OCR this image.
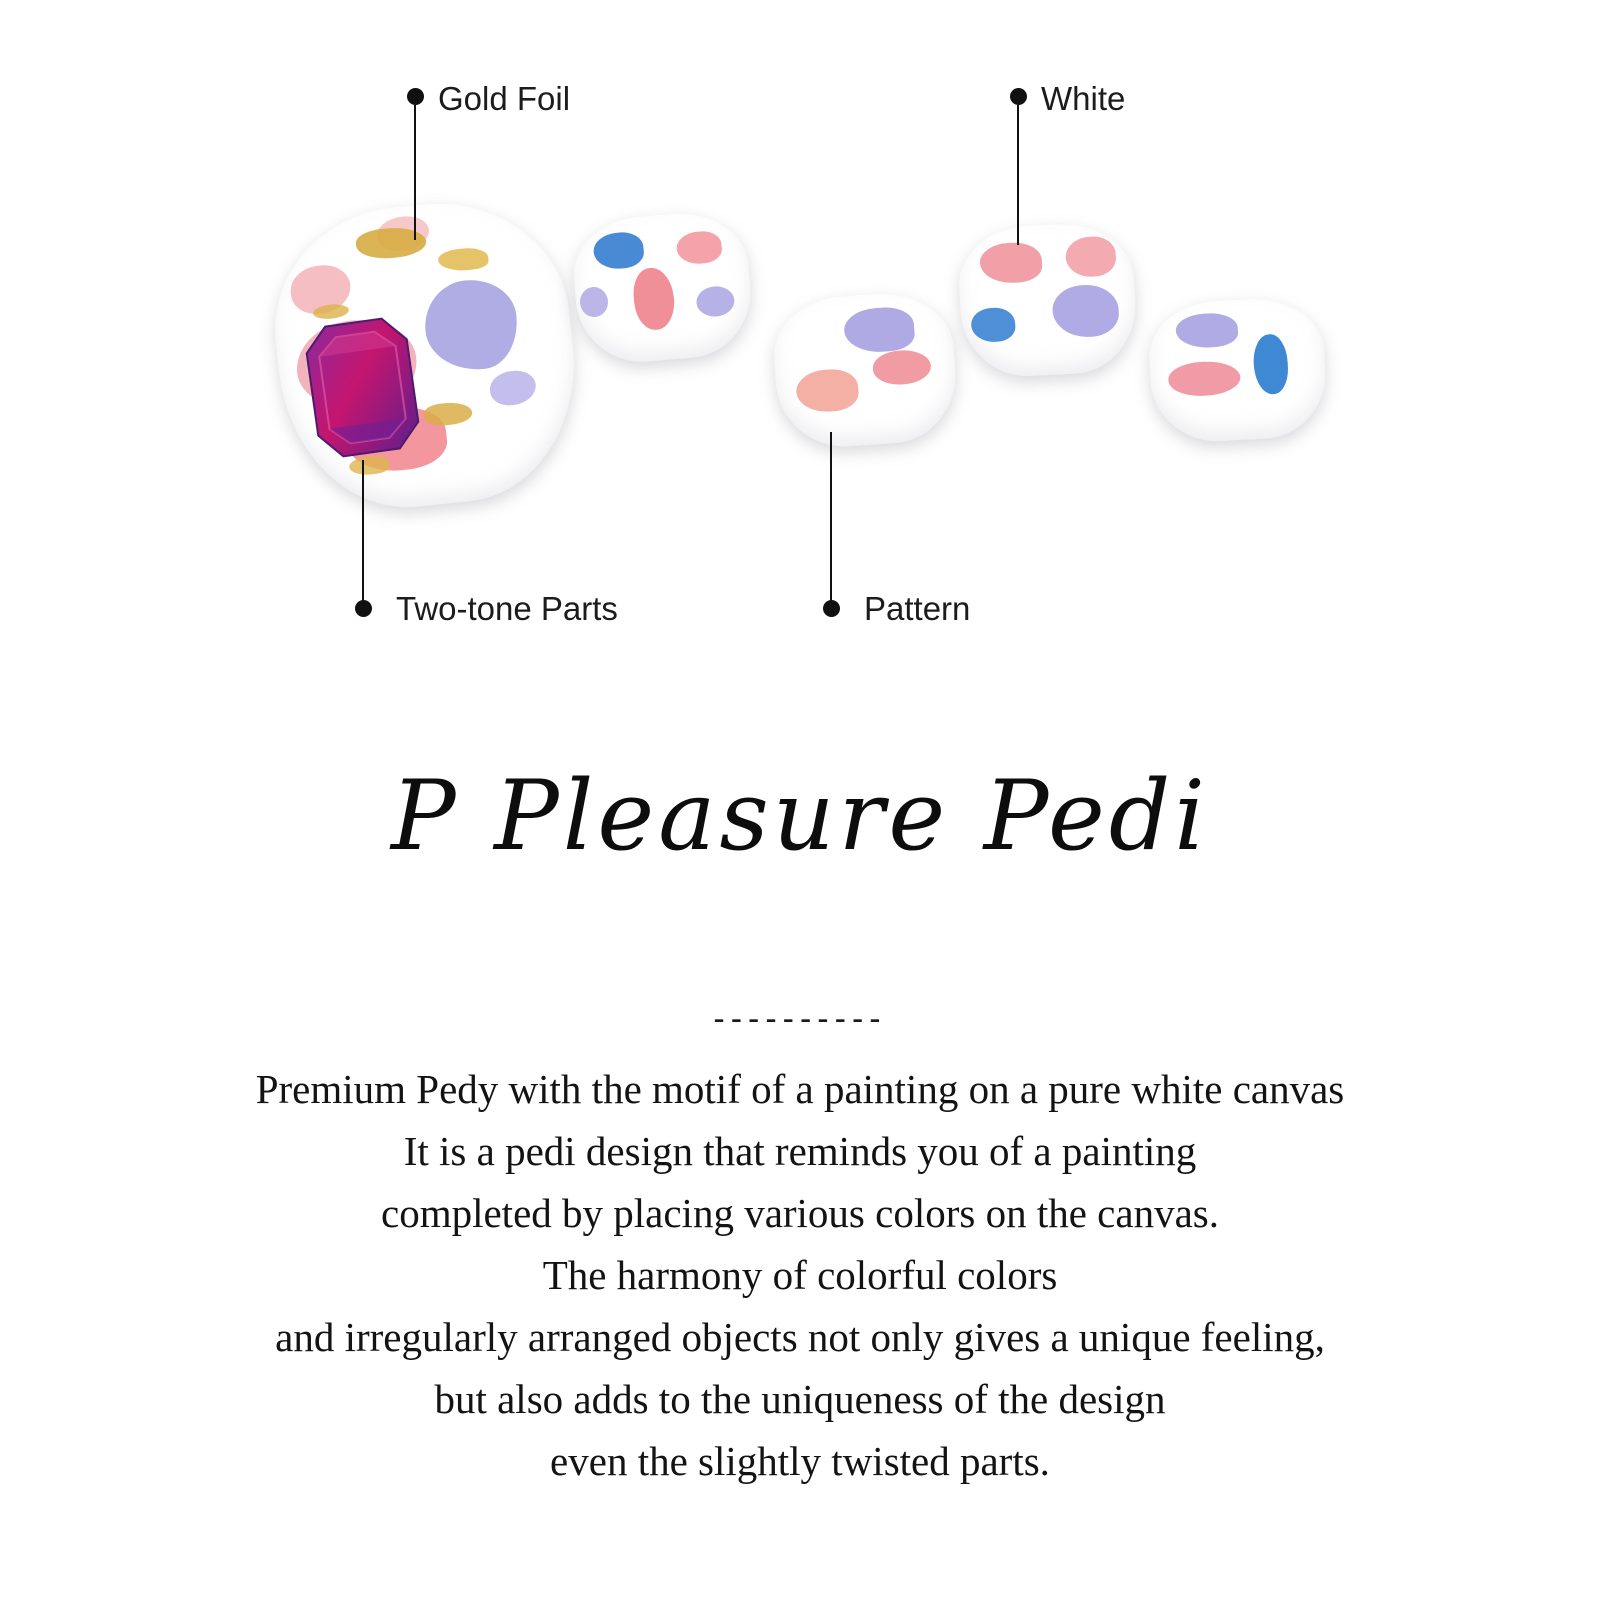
Gold Foil	White
Two-tone Parts	Pattern
P Pleasure Pedi
----------
Premium Pedy with the motif of a painting on a pure white canvas
It is a pedi design that reminds you of a painting
completed by placing various colors on the canvas.
The harmony of colorful colors
and irregularly arranged objects not only gives a unique feeling,
but also adds to the uniqueness of the design
even the slightly twisted parts.
